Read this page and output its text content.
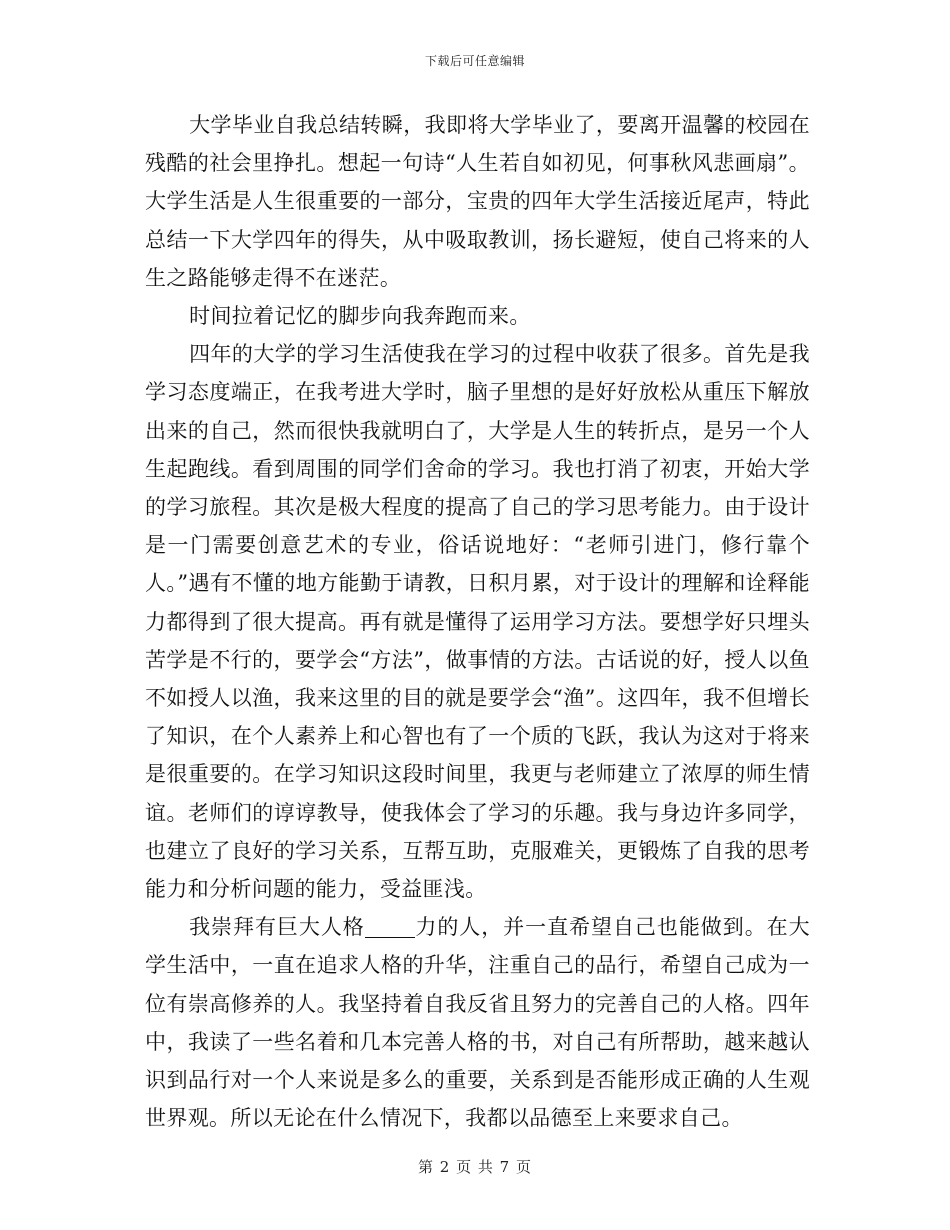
下载后可任意编辑

大学毕业自我总结转瞬，我即将大学毕业了，要离开温馨的校园在残酷的社会里挣扎。想起一句诗“人生若自如初见，何事秋风悲画扇”。大学生活是人生很重要的一部分，宝贵的四年大学生活接近尾声，特此总结一下大学四年的得失，从中吸取教训，扬长避短，使自己将来的人生之路能够走得不在迷茫。

时间拉着记忆的脚步向我奔跑而来。

四年的大学的学习生活使我在学习的过程中收获了很多。首先是我学习态度端正，在我考进大学时，脑子里想的是好好放松从重压下解放出来的自己，然而很快我就明白了，大学是人生的转折点，是另一个人生起跑线。看到周围的同学们舍命的学习。我也打消了初衷，开始大学的学习旅程。其次是极大程度的提高了自己的学习思考能力。由于设计是一门需要创意艺术的专业，俗话说地好：“老师引进门，修行靠个人。”遇有不懂的地方能勤于请教，日积月累，对于设计的理解和诠释能力都得到了很大提高。再有就是懂得了运用学习方法。要想学好只埋头苦学是不行的，要学会“方法”，做事情的方法。古话说的好，授人以鱼不如授人以渔，我来这里的目的就是要学会“渔”。这四年，我不但增长了知识，在个人素养上和心智也有了一个质的飞跃，我认为这对于将来是很重要的。在学习知识这段时间里，我更与老师建立了浓厚的师生情谊。老师们的谆谆教导，使我体会了学习的乐趣。我与身边许多同学，也建立了良好的学习关系，互帮互助，克服难关，更锻炼了自我的思考能力和分析问题的能力，受益匪浅。

我崇拜有巨大人格 力的人，并一直希望自己也能做到。在大学生活中，一直在追求人格的升华，注重自己的品行，希望自己成为一位有崇高修养的人。我坚持着自我反省且努力的完善自己的人格。四年中，我读了一些名着和几本完善人格的书，对自己有所帮助，越来越认识到品行对一个人来说是多么的重要，关系到是否能形成正确的人生观世界观。所以无论在什么情况下，我都以品德至上来要求自己。

第 2 页 共 7 页
